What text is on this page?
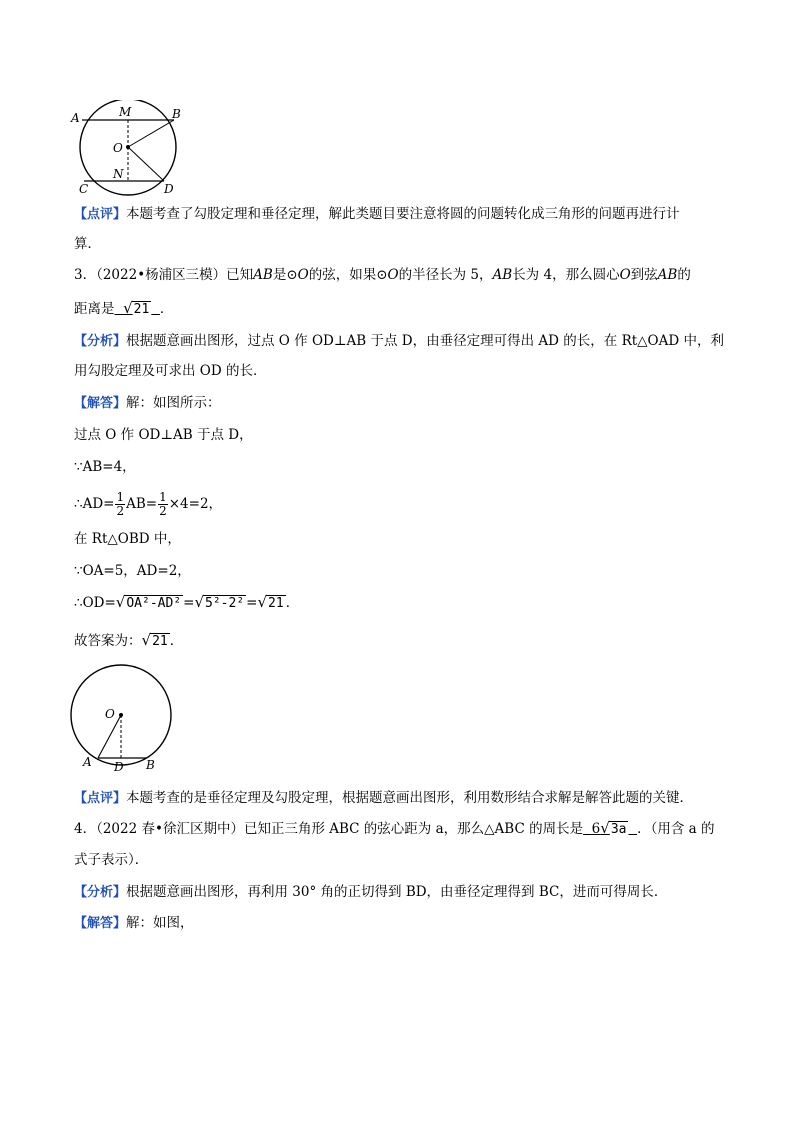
A	M	B
O
N
C	D
【点评】本题考查了勾股定理和垂径定理，解此类题目要注意将圆的问题转化成三角形的问题再进行计
算．
3．（2022•杨浦区三模）已知AB是⊙O的弦，如果⊙O的半径长为 5，AB长为 4，那么圆心O到弦AB的
距离是 √21 ．
【分析】根据题意画出图形，过点 O 作 OD⊥AB 于点 D，由垂径定理可得出 AD 的长，在 Rt△OAD 中，利
用勾股定理及可求出 OD 的长．
【解答】解：如图所示：
过点 O 作 OD⊥AB 于点 D，
∵AB=4，
∴AD= $\frac{1}{2} AB= \frac{1}{2} \times 4=2$，
在 Rt△OBD 中，
∵OA=5，AD=2，
∴OD=√OA²-AD² =√5²-2² =√21 ．
故答案为：√21 ．
O
A D B
【点评】本题考查的是垂径定理及勾股定理，根据题意画出图形，利用数形结合求解是解答此题的关键．
4．（2022 春•徐汇区期中）已知正三角形 ABC 的弦心距为 a，那么△ABC 的周长是 6√3a ．（用含 a 的
式子表示）．
【分析】根据题意画出图形，再利用 30° 角的正切得到 BD，由垂径定理得到 BC，进而可得周长．
【解答】解：如图，
